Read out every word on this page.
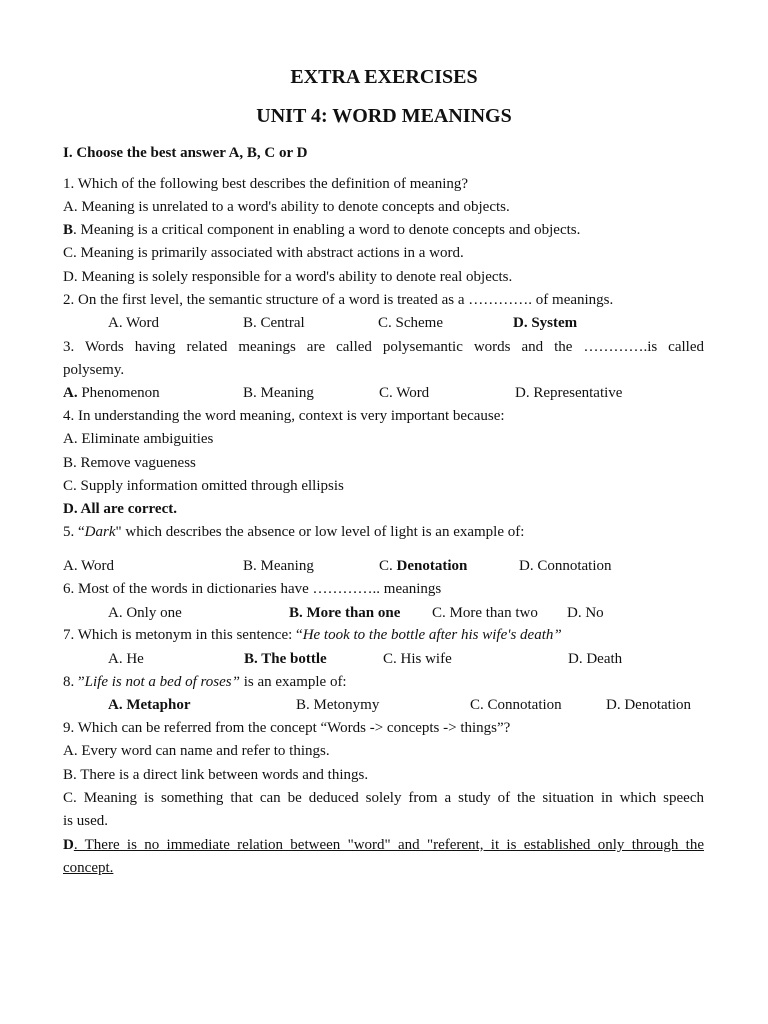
EXTRA EXERCISES
UNIT 4: WORD MEANINGS
I. Choose the best answer A, B, C or D
1. Which of the following best describes the definition of meaning?
A. Meaning is unrelated to a word's ability to denote concepts and objects.
B. Meaning is a critical component in enabling a word to denote concepts and objects.
C. Meaning is primarily associated with abstract actions in a word.
D. Meaning is solely responsible for a word's ability to denote real objects.
2. On the first level, the semantic structure of a word is treated as a …………. of meanings.
A. Word	B. Central	C. Scheme	D. System
3. Words having related meanings are called polysemantic words and the ………….is called
polysemy.
A. Phenomenon	B. Meaning	C. Word	D. Representative
4. In understanding the word meaning, context is very important because:
A. Eliminate ambiguities
B. Remove vagueness
C. Supply information omitted through ellipsis
D. All are correct.
5. “Dark" which describes the absence or low level of light is an example of:
A. Word	B. Meaning	C. Denotation	D. Connotation
6. Most of the words in dictionaries have ………….. meanings
A. Only one	B. More than one C. More than two D. No
7. Which is metonym in this sentence: “He took to the bottle after his wife's death”
A. He	B. The bottle	C. His wife	D. Death
8. ”Life is not a bed of roses” is an example of:
A. Metaphor	B. Metonymy	C. Connotation	D. Denotation
9. Which can be referred from the concept “Words -> concepts -> things”?
A. Every word can name and refer to things.
B. There is a direct link between words and things.
C. Meaning is something that can be deduced solely from a study of the situation in which speech
is used.
D. There is no immediate relation between "word" and "referent, it is established only through the
concept.
